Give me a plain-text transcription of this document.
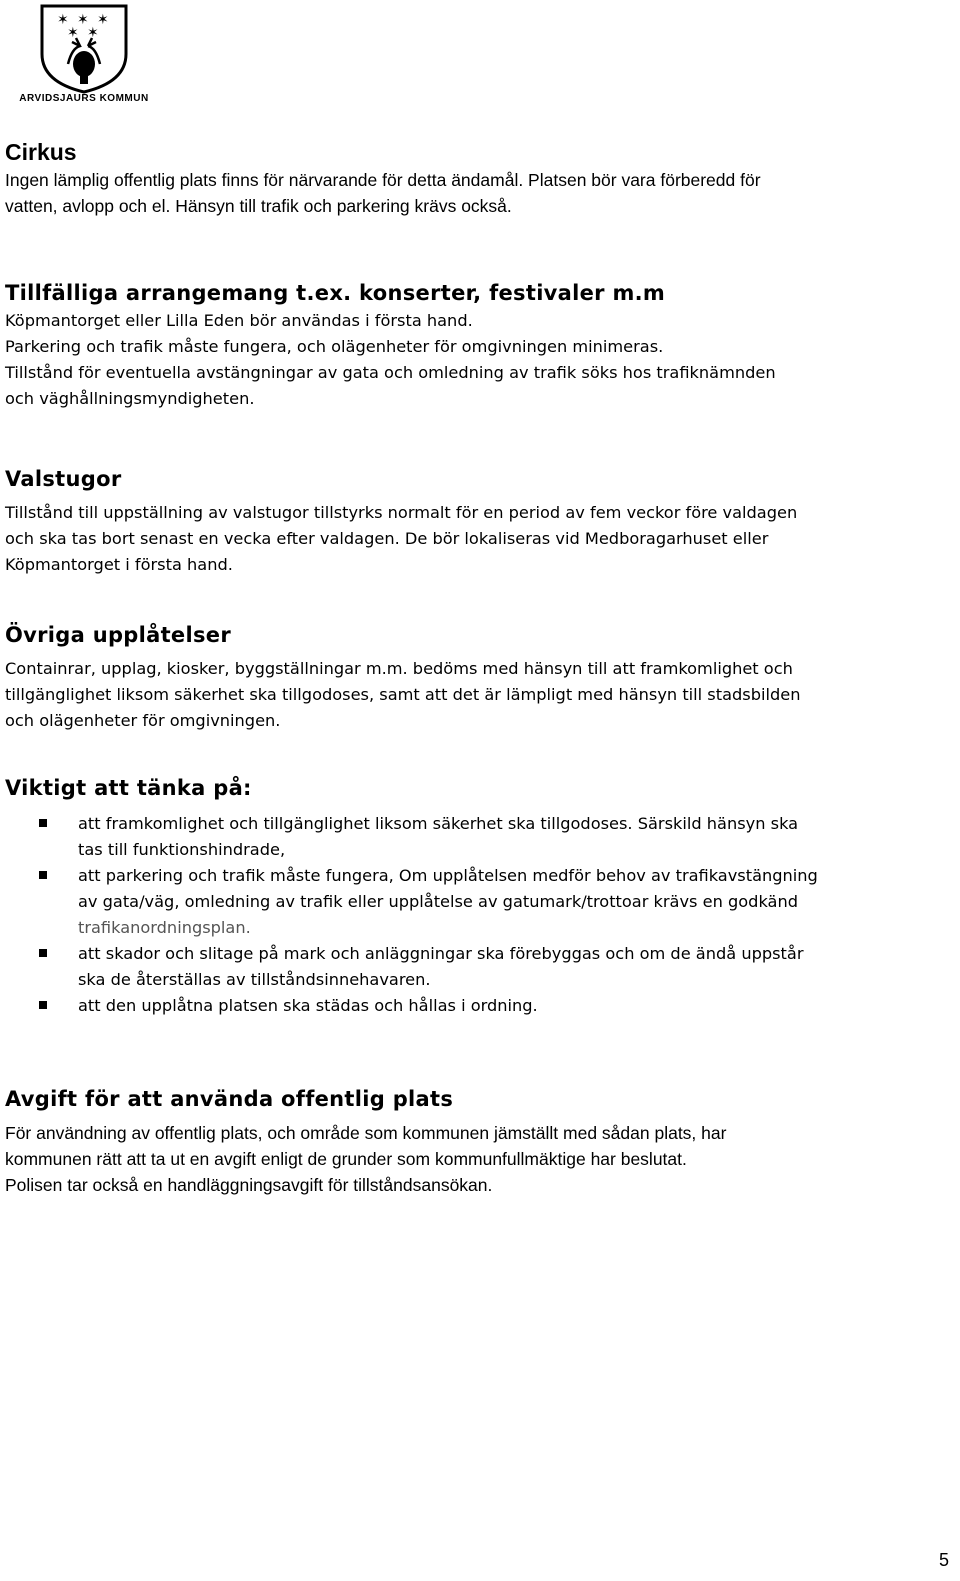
✶ ✶ ✶
✶ ✶
ARVIDSJAURS KOMMUN
Cirkus

Ingen lämplig offentlig plats finns för närvarande för detta ändamål. Platsen bör vara förberedd för

vatten, avlopp och el. Hänsyn till trafik och parkering krävs också.

Tillfälliga arrangemang t.ex. konserter, festivaler m.m

Köpmantorget eller Lilla Eden bör användas i första hand.

Parkering och trafik måste fungera, och olägenheter för omgivningen minimeras.

Tillstånd för eventuella avstängningar av gata och omledning av trafik söks hos trafiknämnden

och väghållningsmyndigheten.

Valstugor

Tillstånd till uppställning av valstugor tillstyrks normalt för en period av fem veckor före valdagen

och ska tas bort senast en vecka efter valdagen. De bör lokaliseras vid Medboragarhuset eller

Köpmantorget i första hand.

Övriga upplåtelser

Containrar, upplag, kiosker, byggställningar m.m. bedöms med hänsyn till att framkomlighet och

tillgänglighet liksom säkerhet ska tillgodoses, samt att det är lämpligt med hänsyn till stadsbilden

och olägenheter för omgivningen.

Viktigt att tänka på:
att framkomlighet och tillgänglighet liksom säkerhet ska tillgodoses. Särskild hänsyn ska
tas till funktionshindrade,
att parkering och trafik måste fungera, Om upplåtelsen medför behov av trafikavstängning
av gata/väg, omledning av trafik eller upplåtelse av gatumark/trottoar krävs en godkänd
trafikanordningsplan.
att skador och slitage på mark och anläggningar ska förebyggas och om de ändå uppstår
ska de återställas av tillståndsinnehavaren.
att den upplåtna platsen ska städas och hållas i ordning.
Avgift för att använda offentlig plats

För användning av offentlig plats, och område som kommunen jämställt med sådan plats, har

kommunen rätt att ta ut en avgift enligt de grunder som kommunfullmäktige har beslutat.

Polisen tar också en handläggningsavgift för tillståndsansökan.

5
